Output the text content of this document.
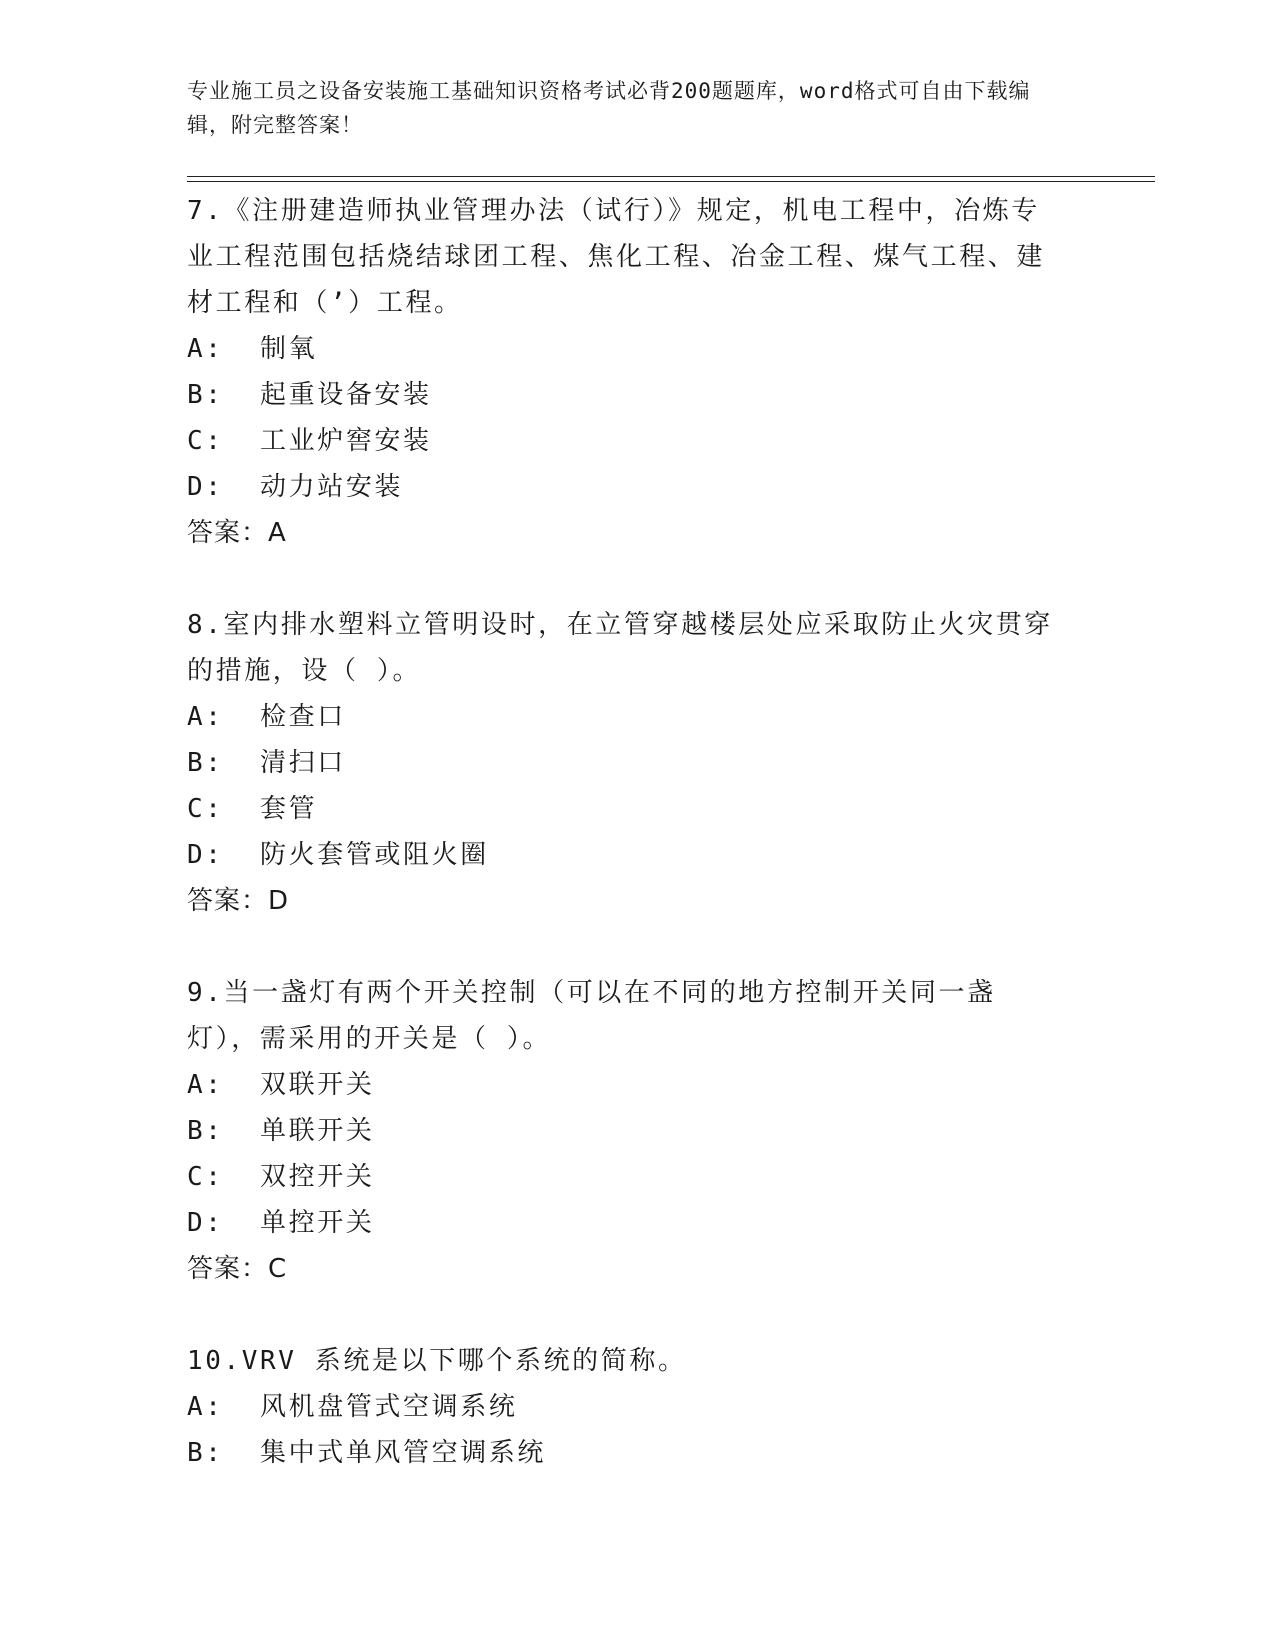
专业施工员之设备安装施工基础知识资格考试必背200题题库，word格式可自由下载编辑，附完整答案！
7.《注册建造师执业管理办法（试行）》规定，机电工程中，冶炼专业工程范围包括烧结球团工程、焦化工程、冶金工程、煤气工程、建材工程和（’）工程。
A:  制氧
B:  起重设备安装
C:  工业炉窖安装
D:  动力站安装
答案：A
8.室内排水塑料立管明设时，在立管穿越楼层处应采取防止火灾贯穿的措施，设（ ）。
A:  检查口
B:  清扫口
C:  套管
D:  防火套管或阻火圈
答案：D
9.当一盏灯有两个开关控制（可以在不同的地方控制开关同一盏灯），需采用的开关是（ ）。
A:  双联开关
B:  单联开关
C:  双控开关
D:  单控开关
答案：C
10.VRV 系统是以下哪个系统的简称。
A:  风机盘管式空调系统
B:  集中式单风管空调系统
